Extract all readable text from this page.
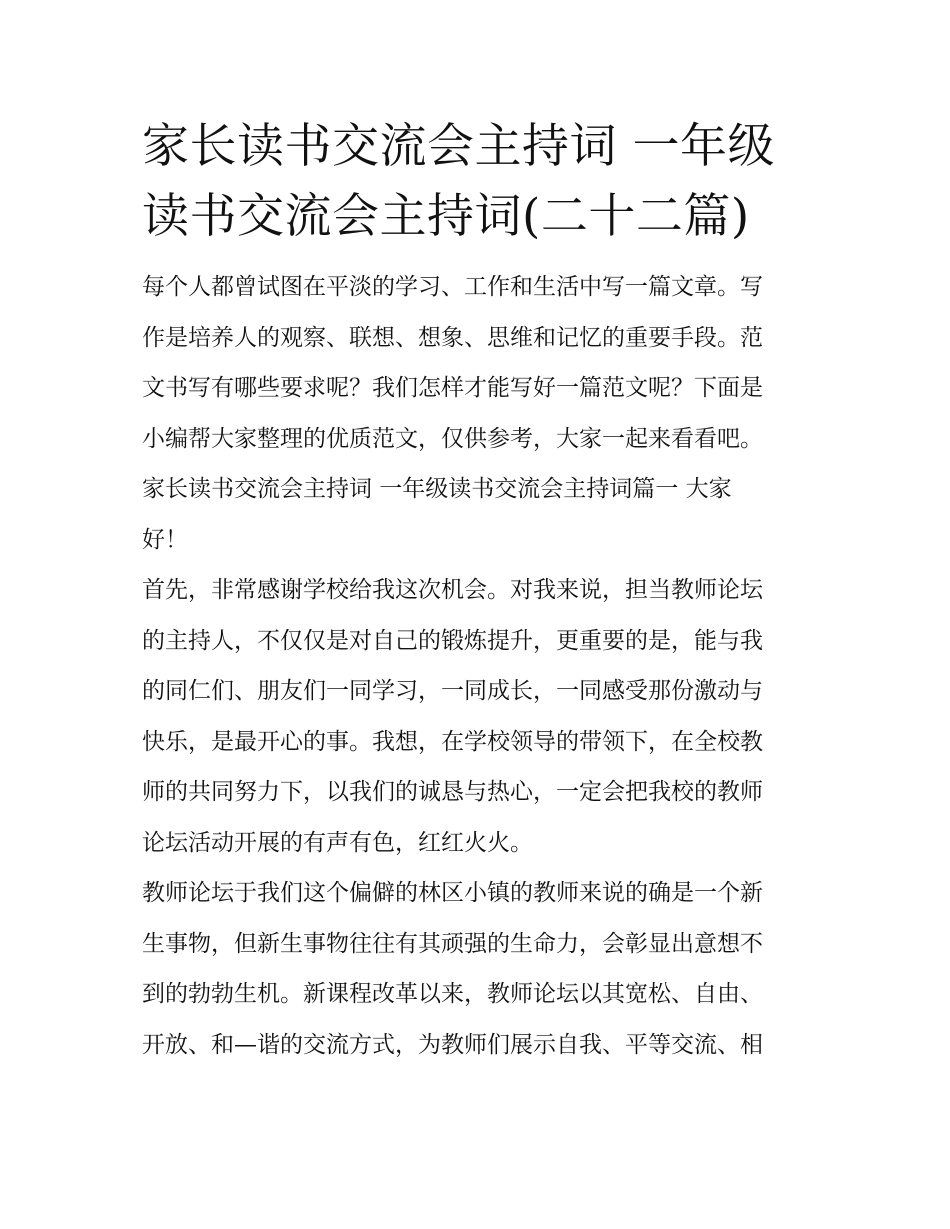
家长读书交流会主持词 一年级
读书交流会主持词(二十二篇)

每个人都曾试图在平淡的学习、工作和生活中写一篇文章。写
作是培养人的观察、联想、想象、思维和记忆的重要手段。范
文书写有哪些要求呢？我们怎样才能写好一篇范文呢？下面是
小编帮大家整理的优质范文，仅供参考，大家一起来看看吧。

家长读书交流会主持词 一年级读书交流会主持词篇一 大家
好！

首先，非常感谢学校给我这次机会。对我来说，担当教师论坛
的主持人，不仅仅是对自己的锻炼提升，更重要的是，能与我
的同仁们、朋友们一同学习，一同成长，一同感受那份激动与
快乐，是最开心的事。我想，在学校领导的带领下，在全校教
师的共同努力下，以我们的诚恳与热心，一定会把我校的教师
论坛活动开展的有声有色，红红火火。

教师论坛于我们这个偏僻的林区小镇的教师来说的确是一个新
生事物，但新生事物往往有其顽强的生命力，会彰显出意想不
到的勃勃生机。新课程改革以来，教师论坛以其宽松、自由、
开放、和—谐的交流方式，为教师们展示自我、平等交流、相
